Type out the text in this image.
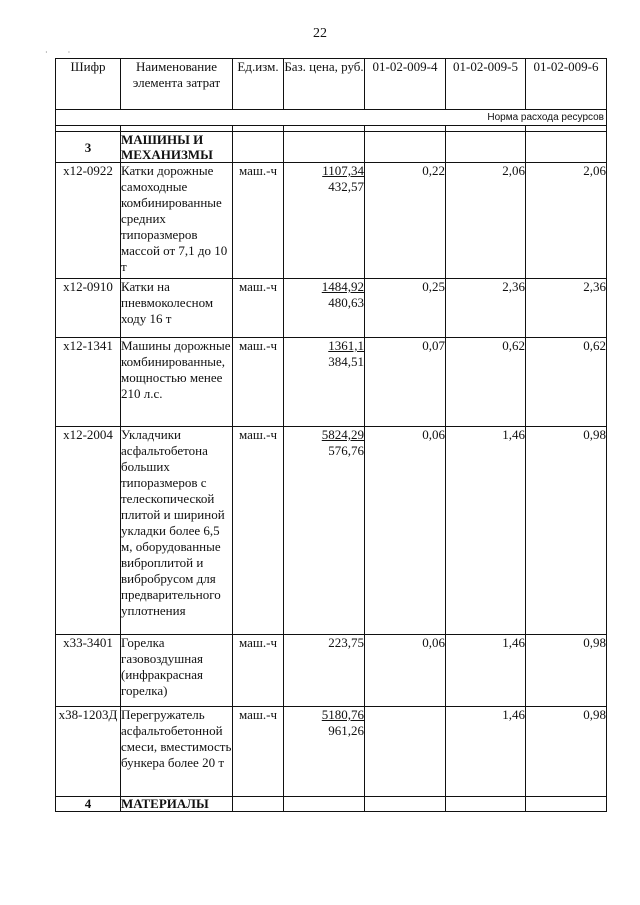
22
·          ·
Шифр	Наименование элемента затрат	Ед.изм.	Баз. цена, руб.	01-02-009-4	01-02-009-5	01-02-009-6
Норма расхода ресурсов						

3	МАШИНЫ И МЕХАНИЗМЫ					
х12-0922	Катки дорожные самоходные комбинированные средних типоразмеров массой от 7,1 до 10 т	маш.-ч	1107,34
432,57	0,22	2,06	2,06
х12-0910	Катки на пневмоколесном ходу 16 т	маш.-ч	1484,92
480,63	0,25	2,36	2,36
х12-1341	Машины дорожные комбинированные, мощностью менее 210 л.с.	маш.-ч	1361,1
384,51	0,07	0,62	0,62
х12-2004	Укладчики асфальтобетона больших типоразмеров с телескопической плитой и шириной укладки более 6,5 м, оборудованные виброплитой и вибробрусом для предварительного уплотнения	маш.-ч	5824,29
576,76	0,06	1,46	0,98
х33-3401	Горелка газовоздушная (инфракрасная горелка)	маш.-ч	223,75	0,06	1,46	0,98
х38-1203Д	Перегружатель асфальтобетонной смеси, вместимость бункера более 20 т	маш.-ч	5180,76
961,26		1,46	0,98
4	МАТЕРИАЛЫ					
